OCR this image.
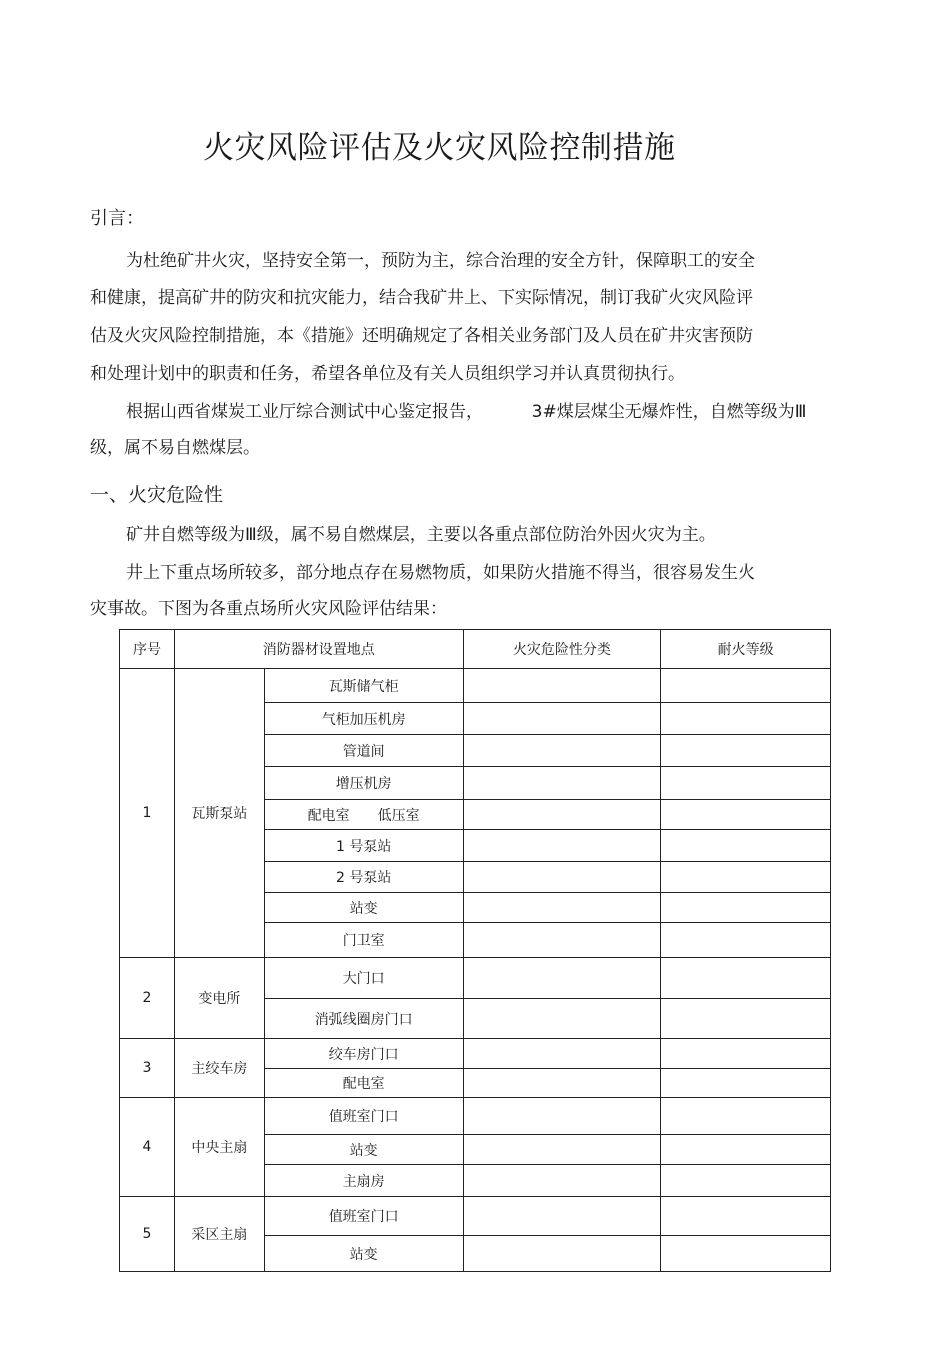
火灾风险评估及火灾风险控制措施
引言：
为杜绝矿井火灾，坚持安全第一，预防为主，综合治理的安全方针，保障职工的安全
和健康，提高矿井的防灾和抗灾能力，结合我矿井上、下实际情况，制订我矿火灾风险评
估及火灾风险控制措施，本《措施》还明确规定了各相关业务部门及人员在矿井灾害预防
和处理计划中的职责和任务，希望各单位及有关人员组织学习并认真贯彻执行。
根据山西省煤炭工业厅综合测试中心鉴定报告，         3#煤层煤尘无爆炸性，自燃等级为Ⅲ
级，属不易自燃煤层。
一、火灾危险性
矿井自燃等级为Ⅲ级，属不易自燃煤层，主要以各重点部位防治外因火灾为主。
井上下重点场所较多，部分地点存在易燃物质，如果防火措施不得当，很容易发生火
灾事故。下图为各重点场所火灾风险评估结果：
序号	消防器材设置地点		火灾危险性分类	耐火等级
1	瓦斯泵站	瓦斯储气柜		
		气柜加压机房		
		管道间		
		增压机房		
		配电室　　低压室		
		1 号泵站		
		2 号泵站		
		站变		
		门卫室		
2	变电所	大门口		
		消弧线圈房门口		
3	主绞车房	绞车房门口		
		配电室		
4	中央主扇	值班室门口		
		站变		
		主扇房		
5	采区主扇	值班室门口		
		站变		
